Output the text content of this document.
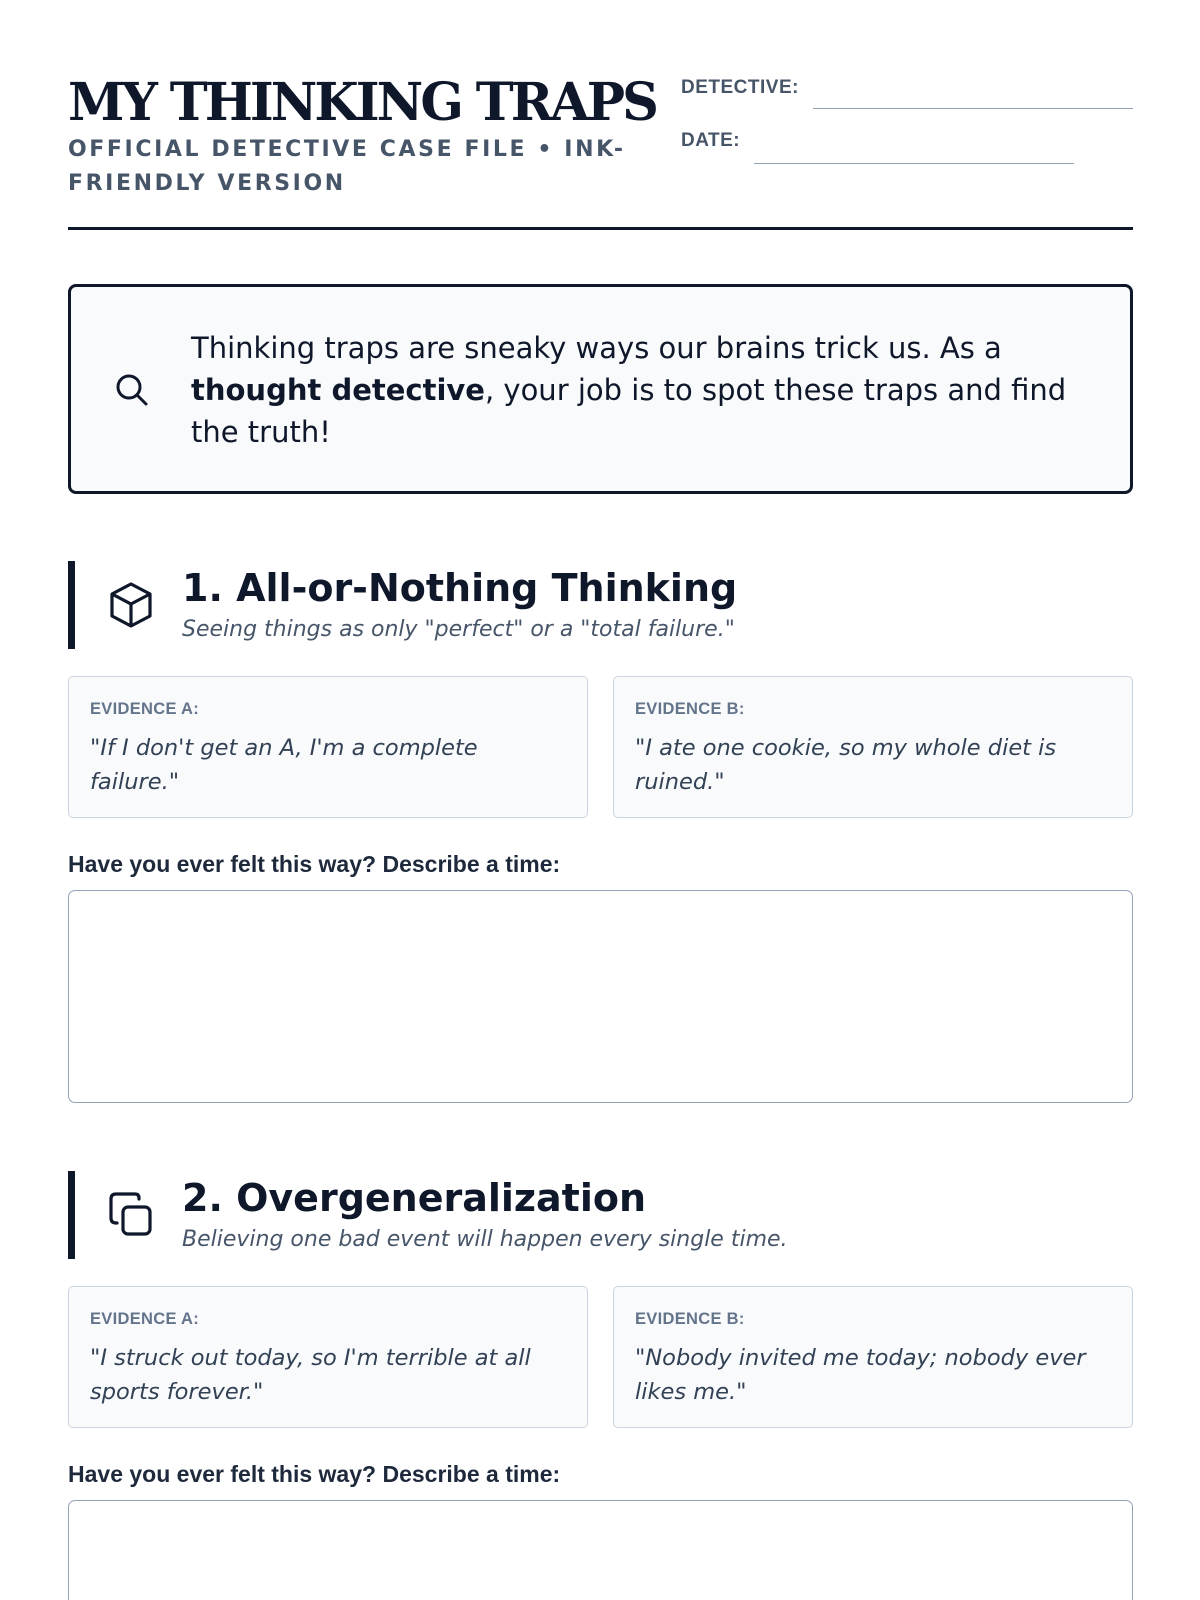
MY THINKING TRAPS
OFFICIAL DETECTIVE CASE FILE • INK-FRIENDLY VERSION
DETECTIVE:
DATE:

Thinking traps are sneaky ways our brains trick us. As a thought detective, your job is to spot these traps and find the truth!

1. All-or-Nothing Thinking
Seeing things as only "perfect" or a "total failure."
EVIDENCE A:
"If I don't get an A, I'm a complete failure."
EVIDENCE B:
"I ate one cookie, so my whole diet is ruined."
Have you ever felt this way? Describe a time:
2. Overgeneralization
Believing one bad event will happen every single time.
EVIDENCE A:
"I struck out today, so I'm terrible at all sports forever."
EVIDENCE B:
"Nobody invited me today; nobody ever likes me."
Have you ever felt this way? Describe a time:
